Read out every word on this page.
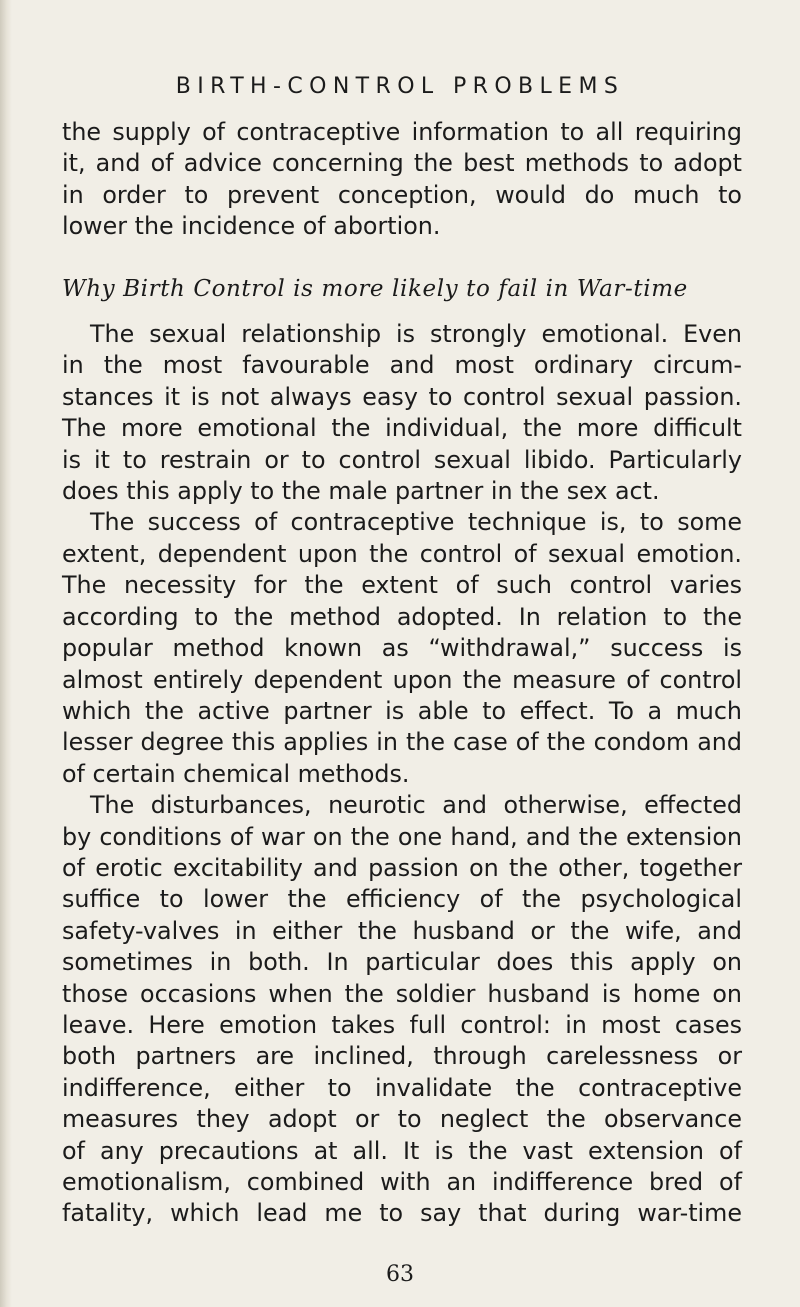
BIRTH-CONTROL PROBLEMS
the supply of contraceptive information to all requiring
it, and of advice concerning the best methods to adopt
in order to prevent conception, would do much to
lower the incidence of abortion.
Why Birth Control is more likely to fail in War-time
The sexual relationship is strongly emotional. Even
in the most favourable and most ordinary circum-
stances it is not always easy to control sexual passion.
The more emotional the individual, the more difficult
is it to restrain or to control sexual libido. Particularly
does this apply to the male partner in the sex act.
The success of contraceptive technique is, to some
extent, dependent upon the control of sexual emotion.
The necessity for the extent of such control varies
according to the method adopted. In relation to the
popular method known as “withdrawal,” success is
almost entirely dependent upon the measure of control
which the active partner is able to effect. To a much
lesser degree this applies in the case of the condom and
of certain chemical methods.
The disturbances, neurotic and otherwise, effected
by conditions of war on the one hand, and the extension
of erotic excitability and passion on the other, together
suffice to lower the efficiency of the psychological
safety-valves in either the husband or the wife, and
sometimes in both. In particular does this apply on
those occasions when the soldier husband is home on
leave. Here emotion takes full control: in most cases
both partners are inclined, through carelessness or
indifference, either to invalidate the contraceptive
measures they adopt or to neglect the observance
of any precautions at all. It is the vast extension of
emotionalism, combined with an indifference bred of
fatality, which lead me to say that during war-time
63
